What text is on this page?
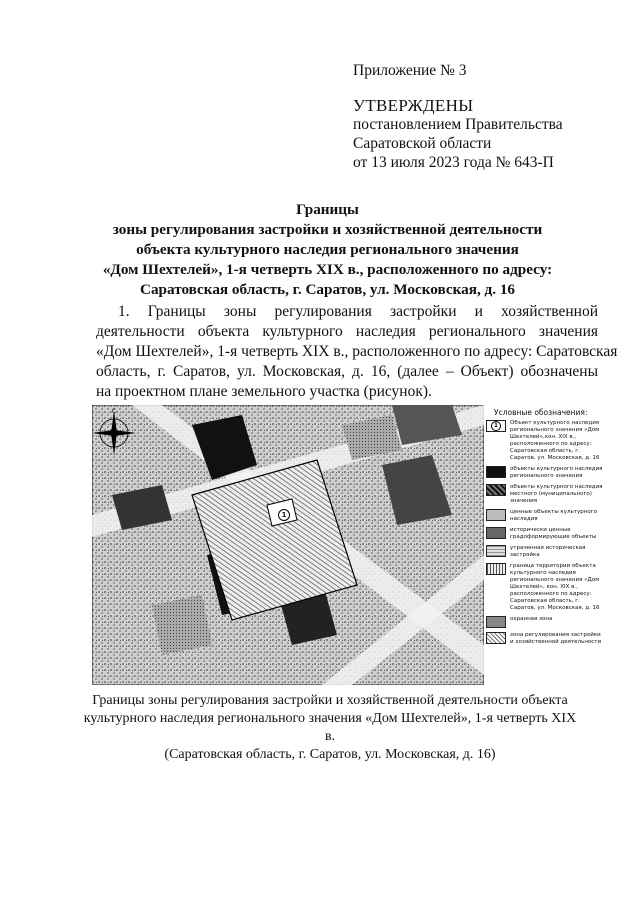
Приложение № 3
УТВЕРЖДЕНЫ
постановлением Правительства
Саратовской области
от 13 июля 2023 года № 643-П
Границы
зоны регулирования застройки и хозяйственной деятельности
объекта культурного наследия регионального значения
«Дом Шехтелей», 1-я четверть XIX в., расположенного по адресу:
Саратовская область, г. Саратов, ул. Московская, д. 16
1. Границы зоны регулирования застройки и хозяйственной
деятельности объекта культурного наследия регионального значения
«Дом Шехтелей», 1-я четверть XIX в., расположенного по адресу: Саратовская
область, г. Саратов, ул. Московская, д. 16, (далее – Объект) обозначены
на проектном плане земельного участка (рисунок).
С
1
Условные обозначения:
1	Объект культурного наследия регионального значения «Дом Шехтелей»,кон. XIX в., расположенного по адресу: Саратовская область, г. Саратов, ул. Московская, д. 16
объекты культурного наследия регионального значения
объекты культурного наследия местного (муниципального) значения
ценные объекты культурного наследия
исторически ценные градоформирующие объекты
утраченная историческая застройка
граница территории объекта культурного наследия регионального значения «Дом Шехтелей», кон. XIX в., расположенного по адресу: Саратовская область, г. Саратов, ул. Московская, д. 16
охранная зона
зона регулирования застройки и хозяйственной деятельности
Границы зоны регулирования застройки и хозяйственной деятельности объекта
культурного наследия регионального значения «Дом Шехтелей», 1-я четверть XIX в.
(Саратовская область, г. Саратов, ул. Московская, д. 16)
